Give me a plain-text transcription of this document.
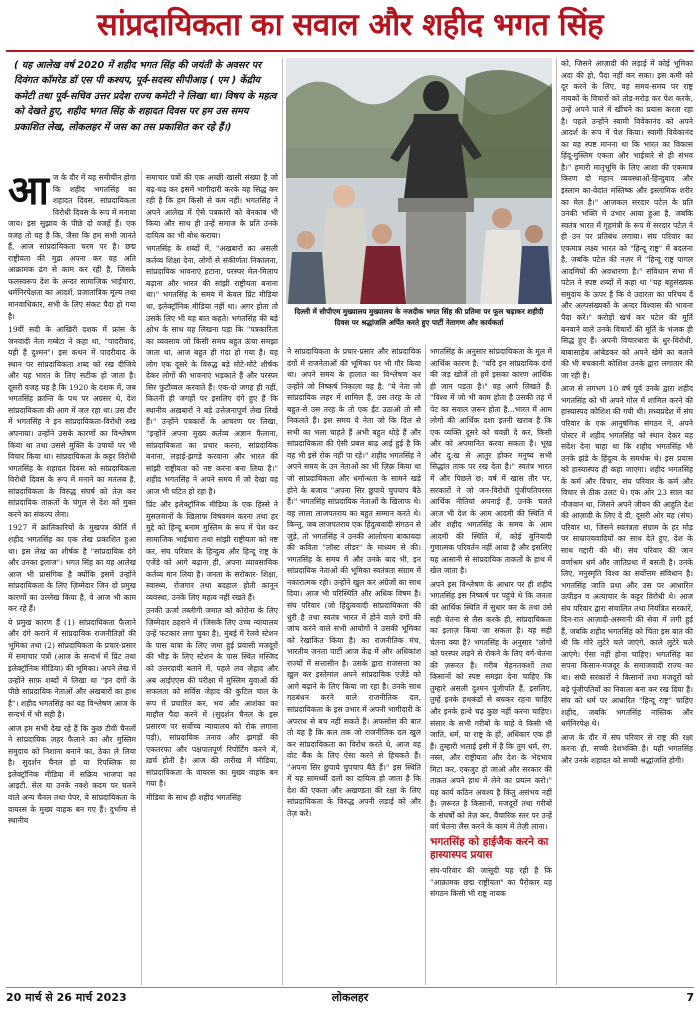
सांप्रदायिकता का सवाल और शहीद भगत सिंह
( यह आलेख वर्ष 2020 में शहीद भगत सिंह की जयंती के अवसर पर दिवंगत कॉमरेड डॉ एस पी कश्यप, पूर्व-सदस्य सीपीआइ ( एम ) केंद्रीय कमेटी तथा पूर्व-सचिव उत्तर प्रदेश राज्य कमेटी ने लिखा था। विषय के महत्व को देखते हुए, शहीद भगत सिंह के शहादत दिवस पर हम उस समय प्रकाशित लेख, लोकलहर में जस का तस प्रकाशित कर रहे हैं।)
दिल्ली में सीपीएम मुख्यालय मुख्यालय के नजदीक भगत सिंह की प्रतिमा पर फूल चढ़ाकर शहीदी दिवस पर श्रद्धांजलि अर्पित करते हुए पार्टी नेतागण और कार्यकर्ता
आ ज के दौर में यह समीचीन होगा कि शहीद भगतसिंह का शहादत दिवस, सांप्रदायिकता विरोधी दिवस के रूप में मनाया जाय। इस सुझाव के पीछे दो वजहें हैं। एक वजह तो यह है कि, जैसा कि हम सभी जानते हैं, आज सांप्रदायिकता चरम पर है। छद्म राष्ट्रीयता की मुद्रा अपना कर वह अति आक्रामक ढंग से काम कर रही है, जिसके फलस्वरूप देश के अन्दर सामाजिक भाईचारा, धर्मनिरपेक्षता का आदर्श, प्रजातांत्रिक मूल्य तथा मानवाधिकार, सभी के लिए संकट पैदा हो गया है।

19वीं सदी के आखिरी दशक में फ्रांस के जनवादी नेता गम्बेटा ने कहा था, "पादरीवाद, यही है दुश्मन"। इस कथन में पादरीवाद के स्थान पर सांप्रदायिकता शब्द को रख दीजिये और यह भारत के लिए सटीक हो जाता है। दूसरी वजह यह है कि 1920 के दशक में, जब भगतसिंह क्रान्ति के पथ पर अग्रसर थे, देश सांप्रदायिकता की आग में जल रहा था। उस दौर में भगतसिंह ने इन सांप्रदायिकता-विरोधी रुख अपनाया। उन्होंने उसके कारणों का विश्लेषण किया था तथा उससे मुक्ति के उपायों पर भी विचार किया था। सांप्रदायिकता के कट्टर विरोधी भगतसिंह के शहादत दिवस को सांप्रदायिकता विरोधी दिवस के रूप में मनाने का मतलब है, सांप्रदायिकता के विरुद्ध संघर्ष को तेज़ कर सांप्रदायिक ताक़तों के चंगुल से देश को मुक्त करने का संकल्प लेना।

1927 में क्रांतिकारियों के मुखपत्र कीर्ति में शहीद भगतसिंह का एक लेख प्रकाशित हुआ था। इस लेख का शीर्षक है "सांप्रदायिक दंगे और उनका इलाज"। भगत सिंह का यह आलेख आज भी प्रासंगिक है क्योंकि इसमें उन्होंने सांप्रदायिकता के लिए ज़िम्मेदार जिन दो प्रमुख कारणों का उल्लेख किया है, वे आज भी काम कर रहे हैं।

ये प्रमुख कारण हैं (1) सांप्रदायिकता फैलाने और दंगे कराने में सांप्रदायिक राजनीतिज्ञों की भूमिका तथा (2) सांप्रदायिकता के प्रचार-प्रसार में समाचार पत्रों (आज के सन्दर्भ में प्रिंट तथा इलेक्ट्रॉनिक मीडिया) की भूमिका। अपने लेख में उन्होंने साफ़ शब्दों में लिखा था "इन दंगों के पीछे सांप्रदायिक नेताओं और अखबारों का हाथ है"। शहीद भगतसिंह का यह विश्लेषण आज के सन्दर्भ में भी सही है।

आज हम सभी देख रहे हैं कि कुछ टीवी चैनलों ने सांप्रदायिक जहर फैलाने का और मुस्लिम समुदाय को निशाना बनाने का, ठेका ले लिया है। सुदर्शन चैनल हो या रिपब्लिक या इलेक्ट्रॉनिक मीडिया में सक्रिय भाजपा का आइटी. सेल या उनके नक्शे कदम पर चलने वाले अन्य चैनल तथा पेपर, ये सांप्रदायिकता के वायरस के मुख्य वाहक बन गए हैं। दुर्भाग्य से स्थानीय

समाचार पत्रों की एक अच्छी खासी संख्या है जो बढ़-चढ़ कर इसमें भागीदारी करके यह सिद्ध कर रही है कि हम किसी से कम नहीं। भगतसिंह ने अपने आलेख में ऐसे पत्रकारों को बेनकाब भी किया और साथ ही उन्हें समाज के प्रति उनके दायित्व का भी बोध कराया।

भगतसिंह के शब्दों में, "अखबारों का असली कर्तव्य शिक्षा देना, लोगों से संकीर्णता निकालना, सांप्रदायिक भावनाएं हटाना, परस्पर मेल-मिलाप बढ़ाना और भारत की सांझी राष्ट्रीयता बनाना था।" भगतसिंह के समय में केवल प्रिंट मीडिया था, इलेक्ट्रॉनिक मीडिया नहीं था। अगर होता तो उसके लिए भी यह बात कहते। भगतसिंह की बड़े क्षोभ के साथ यह लिखना पड़ा कि "पत्रकारिता का व्यवसाय जो किसी समय बहुत ऊंचा समझा जाता था, आज बहुत ही गंदा हो गया है। यह लोग एक दूसरे के विरुद्ध बड़े मोटे-मोटे शीर्षक देकर लोगों की भावनाएं भड़काते हैं और परस्पर सिर फुटौव्वल करवाते हैं। एक-दो जगह ही नहीं, कितनी ही जगहों पर इसलिए दंगे हुए हैं कि स्थानीय अखबारों ने बड़े उत्तेजनापूर्ण लेख लिखे हैं।" उन्होंने पत्रकारों के आचरण पर लिखा, "इन्होंने अपना मुख्य कर्तव्य अज्ञान फैलाना, सांप्रदायिकता का प्रचार करना, सांप्रदायिक बनाना, लड़ाई-झगड़े करवाना और भारत की सांझी राष्ट्रीयता को नष्ट करना बना लिया है।" शहीद भगतसिंह ने अपने समय में जो देखा वह आज भी घटित हो रहा है।

प्रिंट और इलेक्ट्रॉनिक मीडिया के एक हिस्से ने मुसलमानों के खिलाफ विषवमन करना तथा हर मुद्दे को हिन्दू बनाम मुस्लिम के रूप में पेश कर सामाजिक भाईचारा तथा सांझी राष्ट्रीयता को नष्ट कर, संघ परिवार के हिन्दुत्व और हिन्दू राष्ट्र के एजेंडे को आगे बढ़ाना ही, अपना व्यावसायिक कर्तव्य मान लिया है। जनता के सरोकार- शिक्षा, स्वास्थ्य, रोजगार तथा बदहाल होती क़ानून व्यवस्था, उनके लिए महत्व नहीं रखते हैं।

उनकी ऊर्जा तब्लीगी जमात को कोरोना के लिए ज़िम्मेदार ठहराने में (जिसके लिए उच्च न्यायालय उन्हें फटकार लगा चुका है), मुंबई में रेलवे स्टेशन के पास यात्रा के लिए जमा हुई प्रवासी मजदूरों की भीड़ के लिए स्टेशन के पास स्थित मस्जिद को उत्तरदायी बताने में, पहले लव जेहाद और अब आईएएस की परीक्षा में मुस्लिम युवाओं की सफलता को सर्विस जेहाद की कुटिल चाल के रूप में प्रचारित कर, भय और आशंका का माहौल पैदा करने में (सुदर्शन चैनल के इस प्रसारण पर सर्वोच्च न्यायालय को रोक लगाना पड़ी), सांप्रदायिक तनाव और झगड़ों की एकतरफा और पक्षपातपूर्ण रिपोर्टिंग करने में, ख़र्च होती है। आज की तारीख में मीडिया, सांप्रदायिकता के वायरस का मुख्य वाहक बन गया है।

मीडिया के साथ ही शहीद भगतसिंह

ने सांप्रदायिकता के प्रचार-प्रसार और सांप्रदायिक दंगों में राजनेताओं की भूमिका पर भी गौर किया था। अपने समय के हालात का विश्लेषण कर उन्होंने जो निष्कर्ष निकाला वह है: "ये नेता जो सांप्रदायिक लहर में शामिल हैं, उस तरह के तो बहुत-से उस तरह के तो एक ईंट उठाओ तो सौ निकलते हैं। इस समय ये नेता जो कि दिल से सभी का भला चाहते हैं अभी बहुत थोड़े हैं और सांप्रदायिकता की ऐसी प्रबल बाढ़ आई हुई है कि वह भी इसे रोक नहीं पा रहे।" शहीद भगतसिंह ने अपने समय के उन नेताओं का भी ज़िक्र किया था जो सांप्रदायिकता और धर्मान्धता के सामने खड़े होने के बजाय "अपना सिर छुपाये चुपचाप बैठे हैं।" भगतसिंह सांप्रदायिक नेताओं के खिलाफ थे। वह लाला लाजपतराय का बहुत सम्मान करते थे। किन्तु, जब लाजपतराय एक हिंदुत्ववादी संगठन से जुड़े, तो भगतसिंह ने उनकी आलोचना बाकायदा की कविता "लॉस्ट लीडर" के माध्यम से की। भगतसिंह के समय में और उनके बाद भी, इन सांप्रदायिक नेताओं की भूमिका स्वतंत्रता संग्राम में नकारात्मक रही। उन्होंने खुल कर अंग्रेजों का साथ दिया। आज भी परिस्थिति और अधिक विषम है। संघ परिवार (जो हिंदुत्ववादी सांप्रदायिकता की धुरी है तथा स्वतंत्र भारत में होने वाले दंगों की जांच करने वाले सभी आयोगों ने उसकी भूमिका को रेखांकित किया है) का राजनीतिक मंच, भारतीय जनता पार्टी आज केंद्र में और अधिकांश राज्यों में सत्तासीन है। उसके द्वारा राजसत्ता का खुल कर इस्तेमाल अपने सांप्रदायिक एजेंडे को आगे बढ़ाने के लिए किया जा रहा है। उनके साथ गठबंधन करने वाले राजनीतिक दल, सांप्रदायिकता के इस उभार में अपनी भागीदारी के अपराध से बच नहीं सकते हैं। अफसोस की बात तो यह है कि कल तक जो राजनीतिक दल खुल कर सांप्रदायिकता का विरोध करते थे, आज वह वोट बैंक के लिए ऐसा करने से हिचकते हैं। "अपना सिर छुपाये चुपचाप बैठे हैं।" इस स्थिति में यह सामर्थ्यी दलों का दायित्व हो जाता है कि देश की एकता और अखण्डता की रक्षा के लिए सांप्रदायिकता के विरुद्ध अपनी लड़ाई को और तेज़ करें।

भगतसिंह के अनुसार सांप्रदायिकता के मूल में आर्थिक कारण है: "यदि इन सांप्रदायिक दंगों की जड़ खोजें तो हमें इसका कारण आर्थिक ही जान पड़ता है।" वह आगे लिखते हैं: "विश्व में जो भी काम होता है उसकी तह में पेट का सवाल ज़रूर होता है...भारत में आम लोगों की आर्थिक दशा इतनी खराब है कि एक व्यक्ति दूसरे को चवन्नी दे कर, किसी और को अपमानित करवा सकता है। भूख और दु:ख से आतुर होकर मनुष्य सभी सिद्धांत ताक पर रख देता है।" स्वतंत्र भारत में और पिछले छ: वर्ष में खास तौर पर, सरकारों ने जो जन-विरोधी पूंजीपतिपरस्त आर्थिक नीतियां अपनाई हैं, उनके चलते आज भी देश के आम आदमी की स्थिति में और शहीद भगतसिंह के समय के आम आदमी की स्थिति में, कोई बुनियादी गुणात्मक परिवर्तन नहीं आया है और इसलिए यह आसानी से सांप्रदायिक ताक़तों के हाथ में खेल जाता है।

अपने इस विश्लेषण के आधार पर ही शहीद भगतसिंह इस निष्कर्ष पर पहुंचे थे कि जनता की आर्थिक स्थिति में सुधार कर के तथा उसे सही चेतना से लैस करके ही, सांप्रदायिकता का इलाज़ किया जा सकता है। यह सही चेतना क्या है? भगतसिंह के अनुसार "लोगों को परस्पर लड़ने से रोकने के लिए वर्ग-चेतना की ज़रूरत है। गरीब मेहनतकशों तथा किसानों को स्पष्ट समझा देना चाहिए कि तुम्हारे असली दुश्मन पूंजीपति हैं, इसलिए, तुम्हें इनके हथकंडों से बचकर रहना चाहिए और इनके हत्थे चढ़ कुछ नहीं करना चाहिए। संसार के सभी गरीबों के चाहे वे किसी भी जाति, धर्म, या राष्ट्र के हों, अधिकार एक ही हैं। तुम्हारी भलाई इसी में है कि तुम धर्म, रंग, नस्ल, और राष्ट्रीयता और देश के भेदभाव मिटा कर, एकजुट हो जाओ और सरकार की ताक़त अपने हाथ में लेने का प्रयत्न करो।" यह कार्य कठिन अवश्य है किंतु असंभव नहीं है। ज़रूरत है किसानों, मजदूरों तथा गरीबों के संघर्षों को तेज़ कर, वैचारिक स्तर पर उन्हें वर्ग चेतना लैस करने के काम में तेज़ी लाना।

भगतसिंह को हाईजैक करने का हास्यास्पद प्रयास

संघ-परिवार की जासूदी यह रही है कि "आक्रामक छद्म राष्ट्रीयता" का पैरोकार यह संगठन किसी भी राष्ट्र नायक

को, जिसने आज़ादी की लड़ाई में कोई भूमिका अदा की हो, पैदा नहीं कर सका। इस कमी को दूर करने के लिए, वह समय-समय पर राष्ट्र नायकों के विचारों को तोड़-मरोड़ कर पेश करके, उन्हें अपने पाले में खींचने का प्रयास करता रहा है। पहले उन्होंने स्वामी विवेकानंद को अपने आदर्श के रूप में पेश किया। स्वामी विवेकानंद का यह स्पष्ट मानना था कि भारत का विकास हिंदू-मुस्लिम एकता और भाईचारे से ही संभव है।" हमारी मातृभूमि के लिए आशा की एकमात्र किरण दो महान व्यवस्थाओं-हिन्दुवाद और इस्लाम का-वेदांत मस्तिष्क और इस्लामिक शरीर का मेल है।" आजकल सरदार पटेल के प्रति उनकी भक्ति में उभार आया हुआ है, जबकि स्वतंत्र भारत में गृहमंत्री के रूप में सरदार पटेल ने ही उन पर प्रतिबंध लगाया। संघ परिवार का एकमात्र लक्ष्य भारत को "हिन्दू राष्ट्र" में बदलना है, जबकि पटेल की नज़र में "हिन्दू राष्ट्र पागल आदमियों की अवधारणा है।" संविधान सभा में पटेल ने स्पष्ट शब्दों में कहा था "यह बहुसंख्यक समुदाय के ऊपर है कि वे उदारता का परिचय दें और अल्पसंख्यकों के अन्दर विश्वास की भावना पैदा करें।" करोड़ों खर्च कर पटेल की मूर्ति बनवाने वाले उनके विचारों की मूर्ति के भंजक ही सिद्ध हुए हैं। अपनी विचारधारा के धुर-विरोधी, बाबासाहेब आंबेडकर को अपने खेमे का बताने की भी बचकानी कोशिश उनके द्वारा लगातार की जा रही है।

आज से लगभग 10 वर्ष पूर्व उनके द्वारा शहीद भगतसिंह को भी अपने गोल में शामिल करने की हास्यास्पद कोशिश की गयी थी। मध्यप्रदेश में संघ परिवार के एक आनुषंगिक संगठन ने, अपने पोस्टर में शहीद भगतसिंह को स्थान देकर यह संदेश देना चाहा था कि शहीद भगतसिंह भी उनके झंडे के हिंदुत्व के समर्थक थे। इस प्रयास को हास्यास्पद ही कहा जाएगा। शहीद भगतसिंह के कर्म और विचार, संघ परिवार के कर्म और विचार से ठीक उलट थे। एक ओर 23 साल का नौजवान था, जिसने अपने जीवन की आहुति देश की आज़ादी के लिए दे दी, दूसरी ओर यह (संघ) परिवार था, जिसने स्वतंत्रता संग्राम के हर मोड़ पर साम्राज्यवादियों का साथ देते हुए, देश के साथ गद्दारी की थी। संघ परिवार की जान वर्णाश्रम धर्म और जातिप्रथा में बसती है। उनके लिए, मनुस्मृति विश्व का सर्वोत्तम संविधान है। भगतसिंह जाति प्रथा और उस पर आधारित उत्पीड़न व अत्याचार के कट्टर विरोधी थे। आज संघ परिवार द्वारा संचालित तथा नियंत्रित सरकारें, दिन-रात आज़ादी-अस्मानी की सेवा में लगी हुई हैं, जबकि शहीद भगतसिंह को चिंता इस बात की थी कि गोरे लुटेरे चले जाएंगे, काले लुटेरे चले आएंगे। ऐसा नहीं होना चाहिए। भगतसिंह का सपना किसान-मजदूर के समाजवादी राज्य का था। संघी सरकारों ने किसानों तथा मजदूरों को बड़े पूंजीपतियों का निवाला बना कर रख दिया है। संघ को धर्म पर आधारित "हिन्दू राष्ट्र" चाहिए शहीद, जबकि भगतसिंह नास्तिक और धर्मनिरपेक्ष थे।

आज के दौर में संघ परिवार से राष्ट्र की रक्षा करना ही, सच्ची देशभक्ति है। यही भगतसिंह और उनके शहादत को सच्ची श्रद्धांजलि होगी।

20 मार्च से 26 मार्च 2023	लोकलहर	7
